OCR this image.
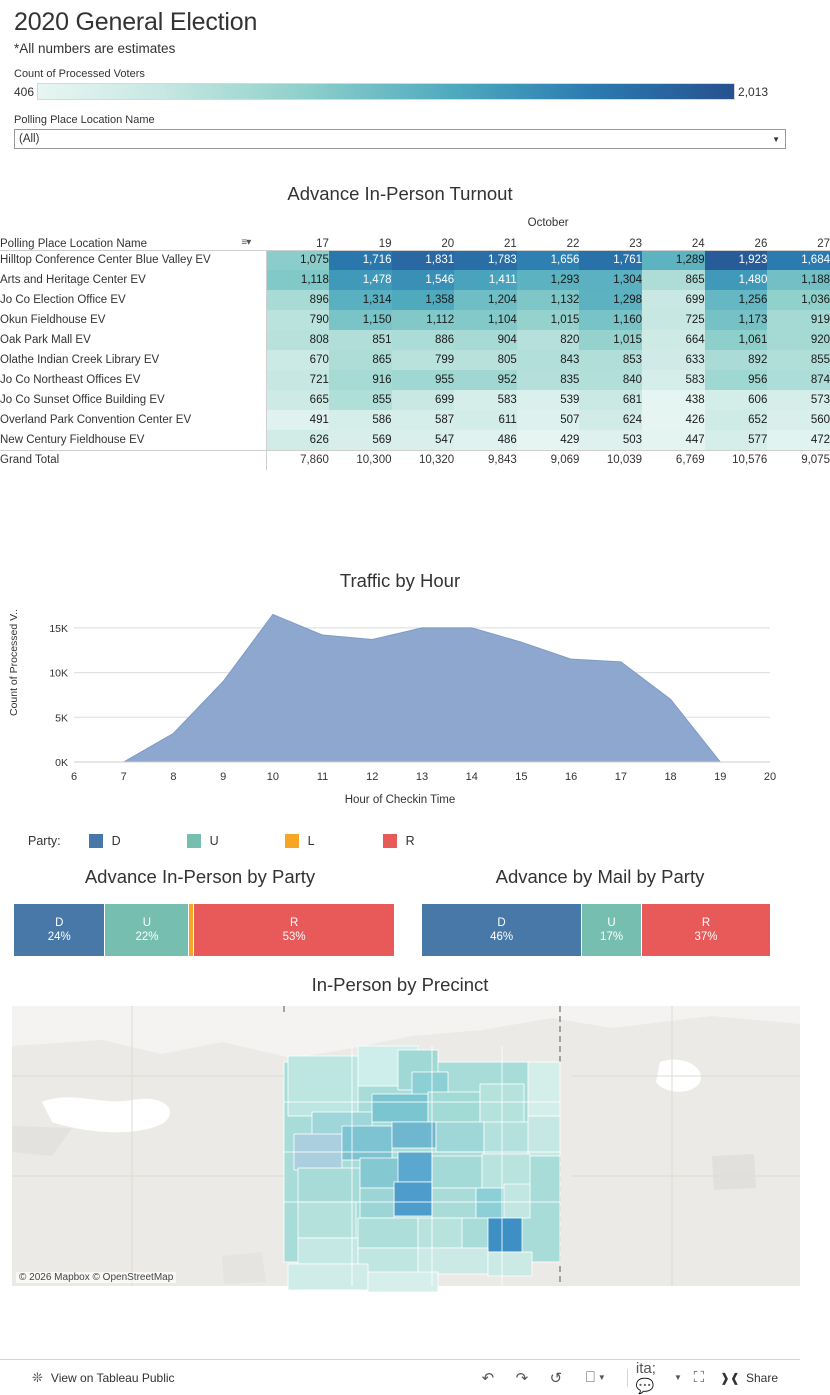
2020 General Election
*All numbers are estimates
Count of Processed Voters
406	2,013
Polling Place Location Name
(All)	▼
Advance In-Person Turnout
	October								
Polling Place Location Name ≡▾	17	19	20	21	22	23	24	26	27
Hilltop Conference Center Blue Valley EV	1,075	1,716	1,831	1,783	1,656	1,761	1,289	1,923	1,684
Arts and Heritage Center EV	1,118	1,478	1,546	1,411	1,293	1,304	865	1,480	1,188
Jo Co Election Office EV	896	1,314	1,358	1,204	1,132	1,298	699	1,256	1,036
Okun Fieldhouse EV	790	1,150	1,112	1,104	1,015	1,160	725	1,173	919
Oak Park Mall EV	808	851	886	904	820	1,015	664	1,061	920
Olathe Indian Creek Library EV	670	865	799	805	843	853	633	892	855
Jo Co Northeast Offices EV	721	916	955	952	835	840	583	956	874
Jo Co Sunset Office Building EV	665	855	699	583	539	681	438	606	573
Overland Park Convention Center EV	491	586	587	611	507	624	426	652	560
New Century Fieldhouse EV	626	569	547	486	429	503	447	577	472
Grand Total	7,860	10,300	10,320	9,843	9,069	10,039	6,769	10,576	9,075
Traffic by Hour
Count of Processed V..
0K
5K
10K
15K
6	7	8	9	10	11	12	13	14	15	16	17	18	19	20
Hour of Checkin Time
Party:	D	U	L	R
Advance In-Person by Party	Advance by Mail by Party
D
24%
U
22%
R
53%
D
46%
U
17%
R
37%
In-Person by Precinct
© 2026 Mapbox © OpenStreetMap
❊ View on Tableau Public	↶	↷	↺	⎕ ▼
ita;💬
▼ ⛶	❱❰ Share
